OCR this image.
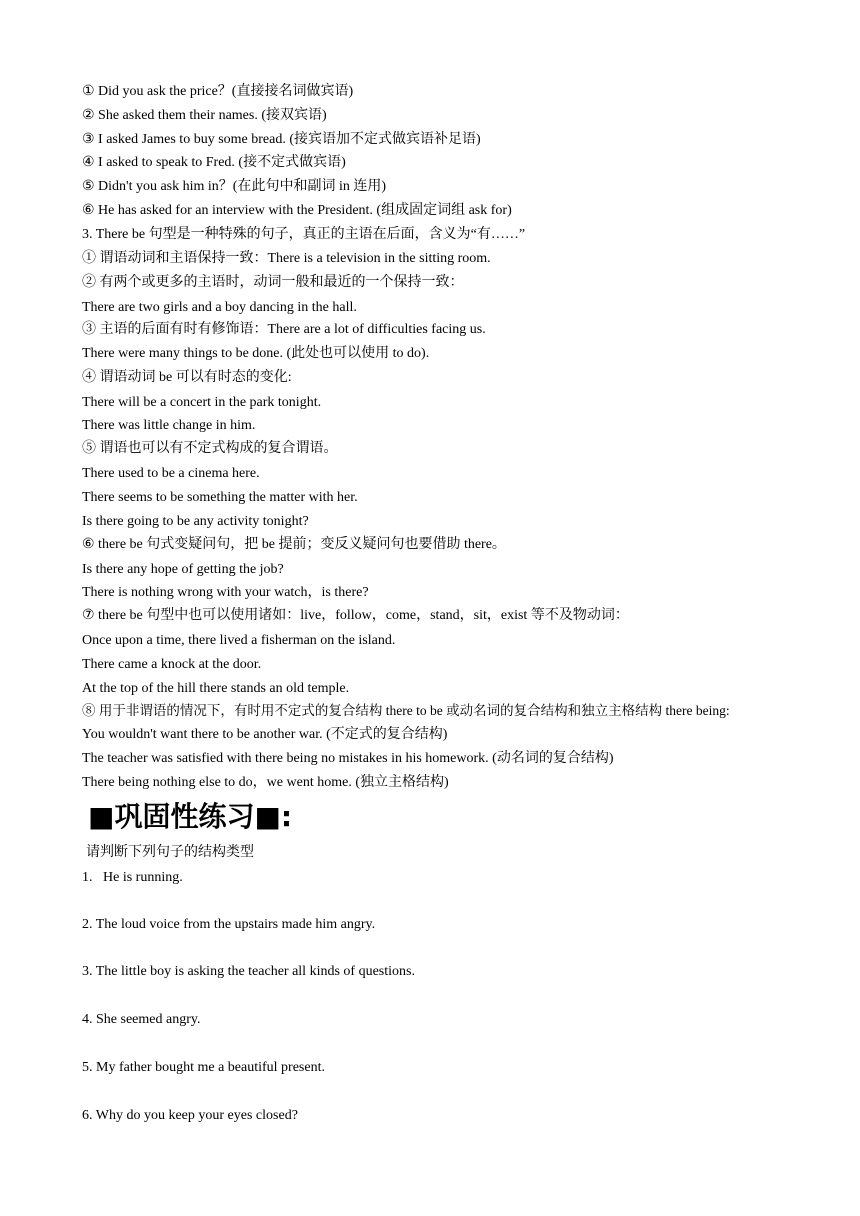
① Did you ask the price？(直接接名词做宾语)
② She asked them their names. (接双宾语)
③ I asked James to buy some bread. (接宾语加不定式做宾语补足语)
④ I asked to speak to Fred. (接不定式做宾语)
⑤ Didn't you ask him in？(在此句中和副词 in 连用)
⑥ He has asked for an interview with the President. (组成固定词组 ask for)
3. There be 句型是一种特殊的句子，真正的主语在后面，含义为“有……”
① 谓语动词和主语保持一致：There is a television in the sitting room.
② 有两个或更多的主语时，动词一般和最近的一个保持一致：
There are two girls and a boy dancing in the hall.
③ 主语的后面有时有修饰语：There are a lot of difficulties facing us.
There were many things to be done. (此处也可以使用 to do).
④ 谓语动词 be 可以有时态的变化:
There will be a concert in the park tonight.
There was little change in him.
⑤ 谓语也可以有不定式构成的复合谓语。
There used to be a cinema here.
There seems to be something the matter with her.
Is there going to be any activity tonight?
⑥ there be 句式变疑问句，把 be 提前；变反义疑问句也要借助 there。
Is there any hope of getting the job?
There is nothing wrong with your watch，is there?
⑦ there be 句型中也可以使用诸如：live，follow，come，stand，sit，exist 等不及物动词：
Once upon a time, there lived a fisherman on the island.
There came a knock at the door.
At the top of the hill there stands an old temple.
⑧ 用于非谓语的情况下，有时用不定式的复合结构 there to be 或动名词的复合结构和独立主格结构 there being:
You wouldn't want there to be another war. (不定式的复合结构)
The teacher was satisfied with there being no mistakes in his homework. (动名词的复合结构)
There being nothing else to do，we went home. (独立主格结构)
■巩固性练习■:
请判断下列句子的结构类型
1.   He is running.
2. The loud voice from the upstairs made him angry.
3. The little boy is asking the teacher all kinds of questions.
4. She seemed angry.
5. My father bought me a beautiful present.
6. Why do you keep your eyes closed?
